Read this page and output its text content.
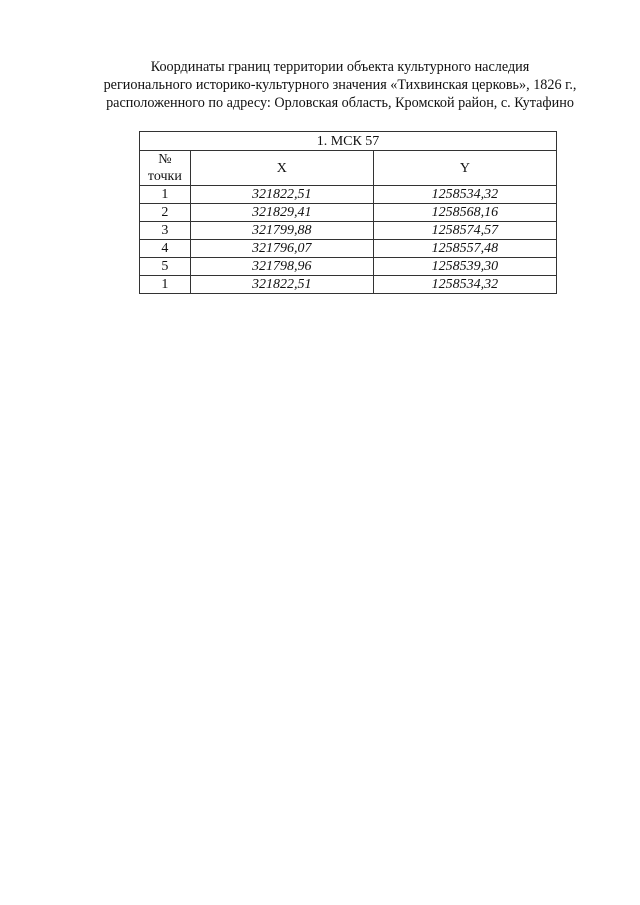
Координаты границ территории объекта культурного наследия
регионального историко-культурного значения «Тихвинская церковь», 1826 г.,
расположенного по адресу: Орловская область, Кромской район, с. Кутафино
1. МСК 57		
№
точки	X	Y
1	321822,51	1258534,32
2	321829,41	1258568,16
3	321799,88	1258574,57
4	321796,07	1258557,48
5	321798,96	1258539,30
1	321822,51	1258534,32
